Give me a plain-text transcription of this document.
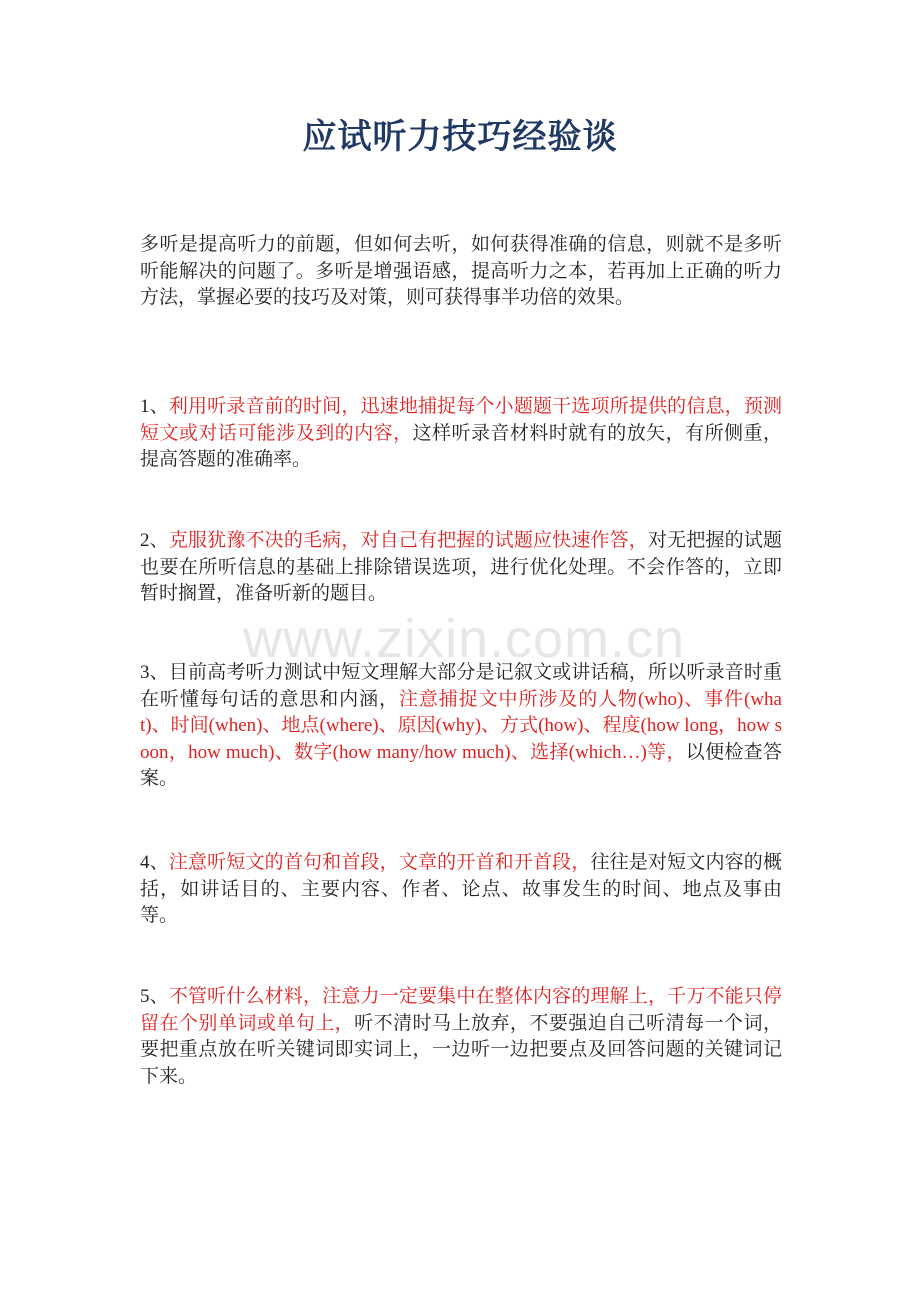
应试听力技巧经验谈

多听是提高听力的前题，但如何去听，如何获得准确的信息，则就不是多听听能解决的问题了。多听是增强语感，提高听力之本，若再加上正确的听力方法，掌握必要的技巧及对策，则可获得事半功倍的效果。

1、利用听录音前的时间，迅速地捕捉每个小题题干选项所提供的信息，预测短文或对话可能涉及到的内容，这样听录音材料时就有的放矢，有所侧重，提高答题的准确率。

2、克服犹豫不决的毛病，对自己有把握的试题应快速作答，对无把握的试题也要在所听信息的基础上排除错误选项，进行优化处理。不会作答的，立即暂时搁置，准备听新的题目。

3、目前高考听力测试中短文理解大部分是记叙文或讲话稿，所以听录音时重在听懂每句话的意思和内涵，注意捕捉文中所涉及的人物(who)、事件(what)、时间(when)、地点(where)、原因(why)、方式(how)、程度(how long，how soon，how much)、数字(how many/how much)、选择(which…)等，以便检查答案。

4、注意听短文的首句和首段，文章的开首和开首段，往往是对短文内容的概括，如讲话目的、主要内容、作者、论点、故事发生的时间、地点及事由等。

5、不管听什么材料，注意力一定要集中在整体内容的理解上，千万不能只停留在个别单词或单句上，听不清时马上放弃，不要强迫自己听清每一个词，要把重点放在听关键词即实词上，一边听一边把要点及回答问题的关键词记下来。

www.zixin.com.cn
